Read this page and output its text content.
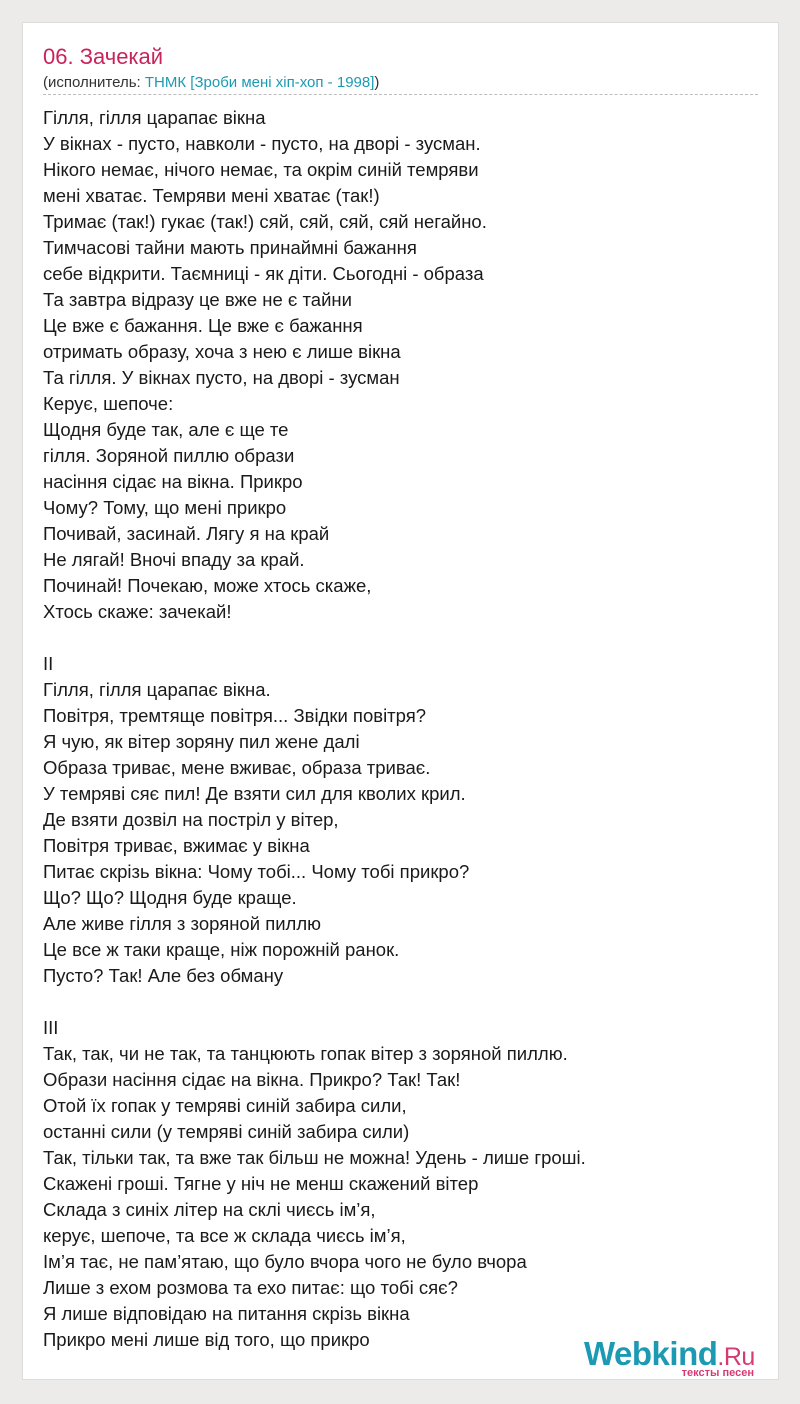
06. Зачекай
(исполнитель: ТНМК [Зроби мені хіп-хоп - 1998])
Гілля, гілля царапає вікна
У вікнах - пусто, навколи - пусто, на дворі - зусман.
Нікого немає, нічого немає, та окрім синій темряви
мені хватає. Темряви мені хватає (так!)
Тримає (так!) гукає (так!) сяй, сяй, сяй, сяй негайно.
Тимчасові тайни мають принаймні бажання
себе відкрити. Таємниці - як діти. Сьогодні - образа
Та завтра відразу це вже не є тайни
Це вже є бажання. Це вже є бажання
отримать образу, хоча з нею є лише вікна
Та гілля. У вікнах пусто, на дворі - зусман
Керує, шепоче:
Щодня буде так, але є ще те
гілля. Зоряной пиллю образи
насіння сідає на вікна. Прикро
Чому? Тому, що мені прикро
Почивай, засинай. Лягу я на край
Не лягай! Вночі впаду за край.
Починай! Почекаю, може хтось скаже,
Хтось скаже: зачекай!
II
Гілля, гілля царапає вікна.
Повітря, тремтяще повітря... Звідки повітря?
Я чую, як вітер зоряну пил жене далі
Образа триває, мене вживає, образа триває.
У темряві сяє пил! Де взяти сил для кволих крил.
Де взяти дозвіл на постріл у вітер,
Повітря триває, вжимає у вікна
Питає скрізь вікна: Чому тобі... Чому тобі прикро?
Що? Що? Щодня буде краще.
Але живе гілля з зоряной пиллю
Це все ж таки краще, ніж порожній ранок.
Пусто? Так! Але без обману
III
Так, так, чи не так, та танцюють гопак вітер з зоряной пиллю.
Образи насіння сідає на вікна. Прикро? Так! Так!
Отой їх гопак у темряві синій забира сили,
останні сили (у темряві синій забира сили)
Так, тільки так, та вже так більш не можна! Удень - лише гроші.
Скажені гроші. Тягне у ніч не менш скажений вітер
Склада з синіх літер на склі чиєсь ім’я,
керує, шепоче, та все ж склада чиєсь ім’я,
Ім’я тає, не пам’ятаю, що було вчора чого не було вчора
Лише з ехом розмова та ехо питає: що тобі сяє?
Я лише відповідаю на питання скрізь вікна
Прикро мені лише від того, що прикро	Webkind.Ru
тексты песен
